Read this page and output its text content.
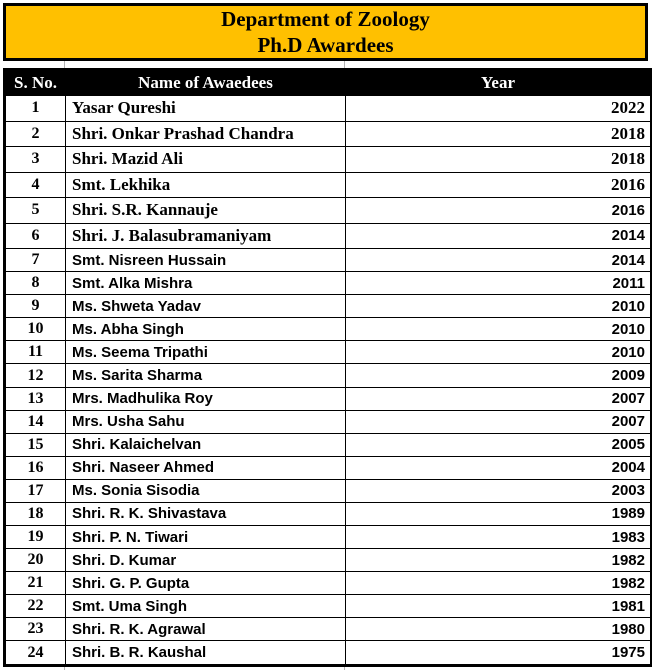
Department of Zoology
Ph.D Awardees
S. No.	Name of Awaedees	Year
1	Yasar Qureshi	2022
2	Shri. Onkar Prashad Chandra	2018
3	Shri. Mazid Ali	2018
4	Smt. Lekhika	2016
5	Shri. S.R. Kannauje	2016
6	Shri. J. Balasubramaniyam	2014
7	Smt. Nisreen Hussain	2014
8	Smt. Alka Mishra	2011
9	Ms. Shweta Yadav	2010
10	Ms. Abha Singh	2010
11	Ms. Seema Tripathi	2010
12	Ms. Sarita Sharma	2009
13	Mrs. Madhulika Roy	2007
14	Mrs. Usha Sahu	2007
15	Shri. Kalaichelvan	2005
16	Shri. Naseer Ahmed	2004
17	Ms. Sonia Sisodia	2003
18	Shri. R. K. Shivastava	1989
19	Shri. P. N. Tiwari	1983
20	Shri. D. Kumar	1982
21	Shri. G. P. Gupta	1982
22	Smt. Uma Singh	1981
23	Shri. R. K. Agrawal	1980
24	Shri. B. R. Kaushal	1975
